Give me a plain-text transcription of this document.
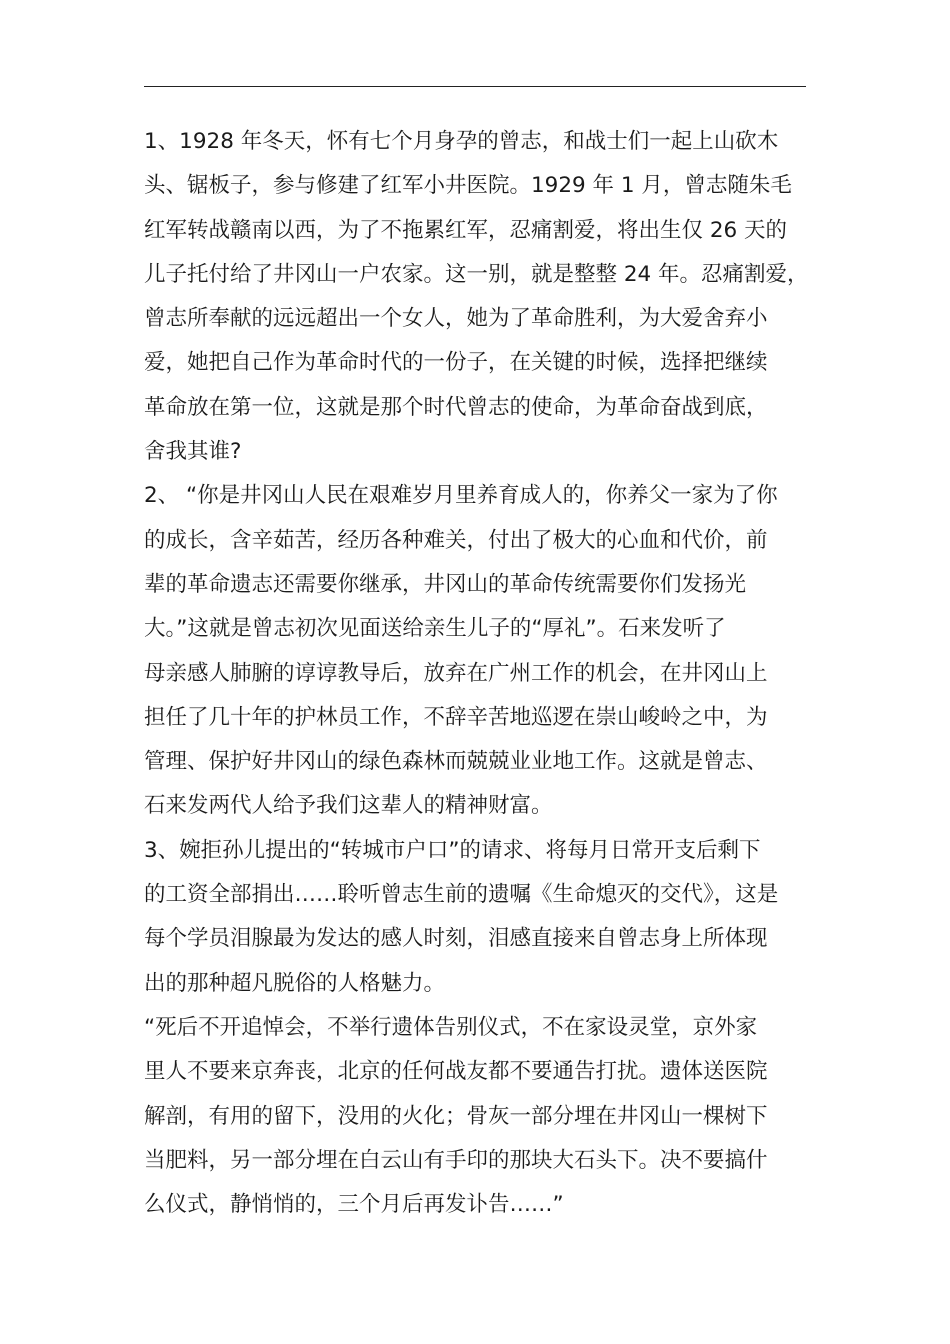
1、1928 年冬天，怀有七个月身孕的曾志，和战士们一起上山砍木
头、锯板子，参与修建了红军小井医院。1929 年 1 月，曾志随朱毛
红军转战赣南以西，为了不拖累红军，忍痛割爱，将出生仅 26 天的
儿子托付给了井冈山一户农家。这一别，就是整整 24 年。忍痛割爱，
曾志所奉献的远远超出一个女人，她为了革命胜利，为大爱舍弃小
爱，她把自己作为革命时代的一份子，在关键的时候，选择把继续
革命放在第一位，这就是那个时代曾志的使命，为革命奋战到底，
舍我其谁?
2、 “你是井冈山人民在艰难岁月里养育成人的，你养父一家为了你
的成长，含辛茹苦，经历各种难关，付出了极大的心血和代价，前
辈的革命遗志还需要你继承，井冈山的革命传统需要你们发扬光
大。”这就是曾志初次见面送给亲生儿子的“厚礼”。石来发听了
母亲感人肺腑的谆谆教导后，放弃在广州工作的机会，在井冈山上
担任了几十年的护林员工作，不辞辛苦地巡逻在崇山峻岭之中，为
管理、保护好井冈山的绿色森林而兢兢业业地工作。这就是曾志、
石来发两代人给予我们这辈人的精神财富。
3、婉拒孙儿提出的“转城市户口”的请求、将每月日常开支后剩下
的工资全部捐出……聆听曾志生前的遗嘱《生命熄灭的交代》，这是
每个学员泪腺最为发达的感人时刻，泪感直接来自曾志身上所体现
出的那种超凡脱俗的人格魅力。
“死后不开追悼会，不举行遗体告别仪式，不在家设灵堂，京外家
里人不要来京奔丧，北京的任何战友都不要通告打扰。遗体送医院
解剖，有用的留下，没用的火化；骨灰一部分埋在井冈山一棵树下
当肥料，另一部分埋在白云山有手印的那块大石头下。决不要搞什
么仪式，静悄悄的，三个月后再发讣告……”
